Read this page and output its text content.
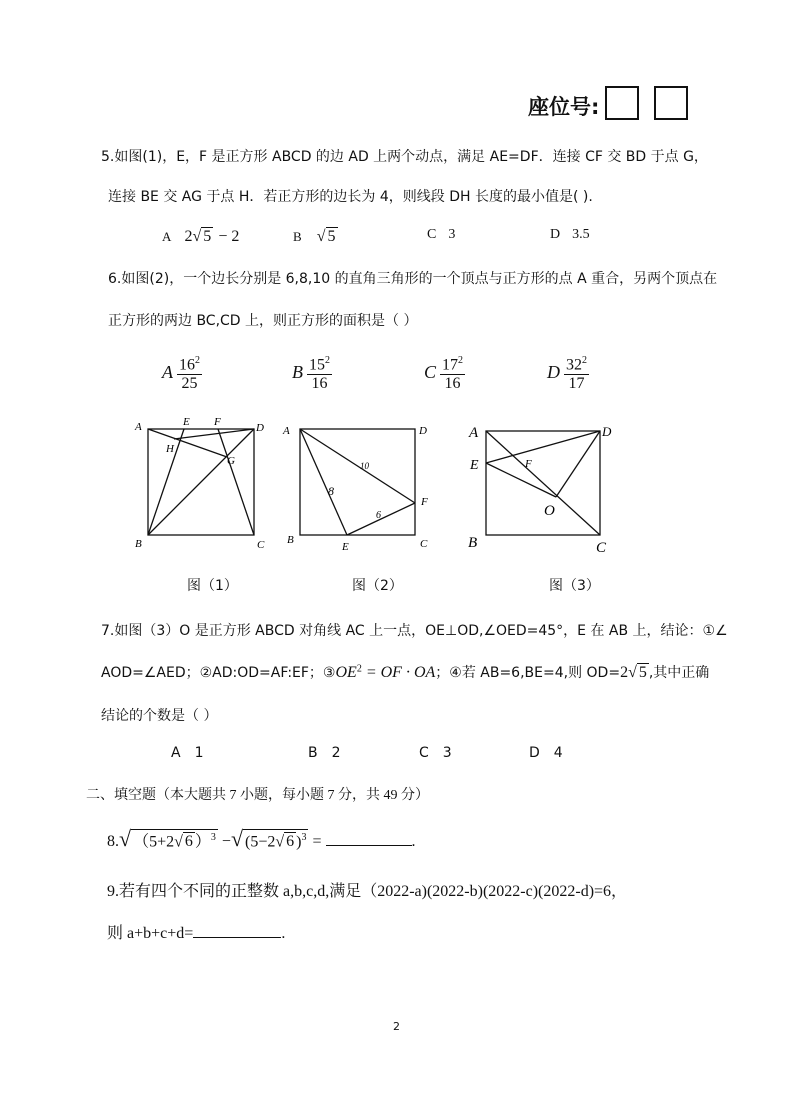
座位号:
5.如图(1)，E，F 是正方形 ABCD 的边 AD 上两个动点，满足 AE=DF．连接 CF 交 BD 于点 G，
连接 BE 交 AG 于点 H．若正方形的边长为 4，则线段 DH 长度的最小值是( ).
A 2√ 5 − 2	B √ 5	C 3	D 3.5
6.如图(2)，一个边长分别是 6,8,10 的直角三角形的一个顶点与正方形的点 A 重合，另两个顶点在
正方形的两边 BC,CD 上，则正方形的面积是（ ）
A $\frac{16^2}{25}$	B $\frac{15^2}{16}$	C $\frac{17^2}{16}$	D $\frac{32^2}{17}$
A
B	C
D
E F
G
H
A
B	C
D
E
F
10
8
6
A
B	C
D
E	F
O
图（1）	图（2）	图（3）
7.如图（3）O 是正方形 ABCD 对角线 AC 上一点，OE⊥OD,∠OED=45°，E 在 AB 上，结论：①∠
AOD=∠AED；②AD:OD=AF:EF；$③OE^2$ = OF · OA；④若 AB=6,BE=4,则 OD=2√ 5 ,其中正确
结论的个数是（ ）
A 1	B 2	C 3	D 4
二、填空题（本大题共 7 小题，每小题 7 分，共 49 分）
8.√ （5+2√ 6 ）$^3$ −√ (5−2√ 6 )$^3$ =	.
9.若有四个不同的正整数 a,b,c,d,满足（2022-a)(2022-b)(2022-c)(2022-d)=6，
则 a+b+c+d=	.
2
